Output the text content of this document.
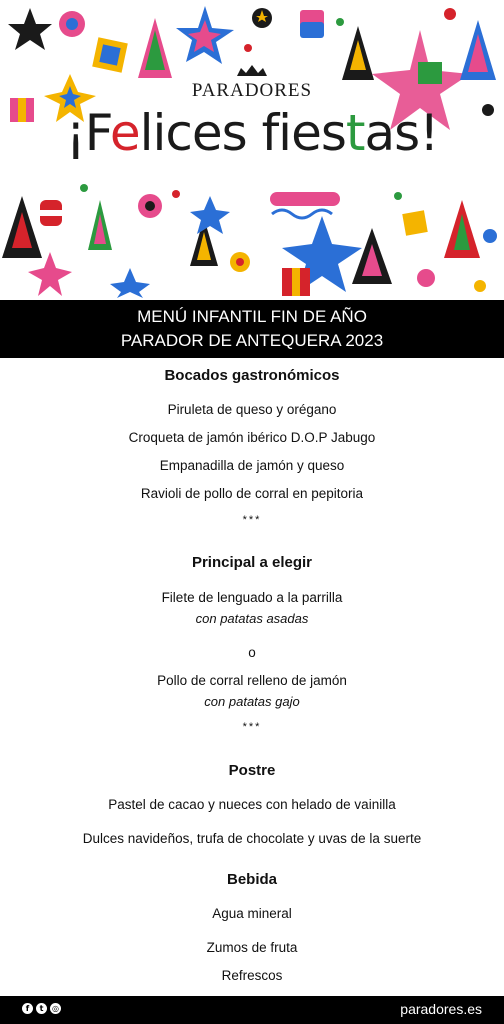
PARADORES
¡Felices fiestas!
MENÚ INFANTIL FIN DE AÑO
PARADOR DE ANTEQUERA 2023
Bocados gastronómicos
Piruleta de queso y orégano
Croqueta de jamón ibérico D.O.P Jabugo
Empanadilla de jamón y queso
Ravioli de pollo de corral en pepitoria
***
Principal a elegir
Filete de lenguado a la parrilla
con patatas asadas
o
Pollo de corral relleno de jamón
con patatas gajo
***
Postre
Pastel de cacao y nueces con helado de vainilla
Dulces navideños, trufa de chocolate y uvas de la suerte
Bebida
Agua mineral
Zumos de fruta
Refrescos
f	t	◎	paradores.es
